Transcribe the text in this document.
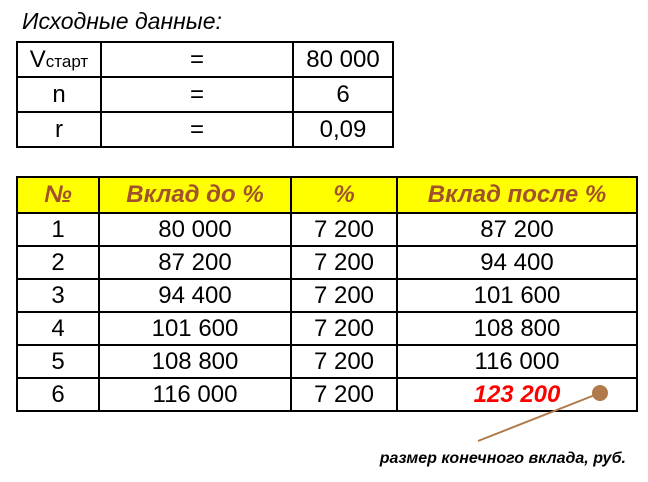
Исходные данные:
Vстарт	=	80 000
n	=	6
r	=	0,09
№	Вклад до %	%	Вклад после %
1	80 000	7 200	87 200
2	87 200	7 200	94 400
3	94 400	7 200	101 600
4	101 600	7 200	108 800
5	108 800	7 200	116 000
6	116 000	7 200	123 200
размер конечного вклада, руб.
